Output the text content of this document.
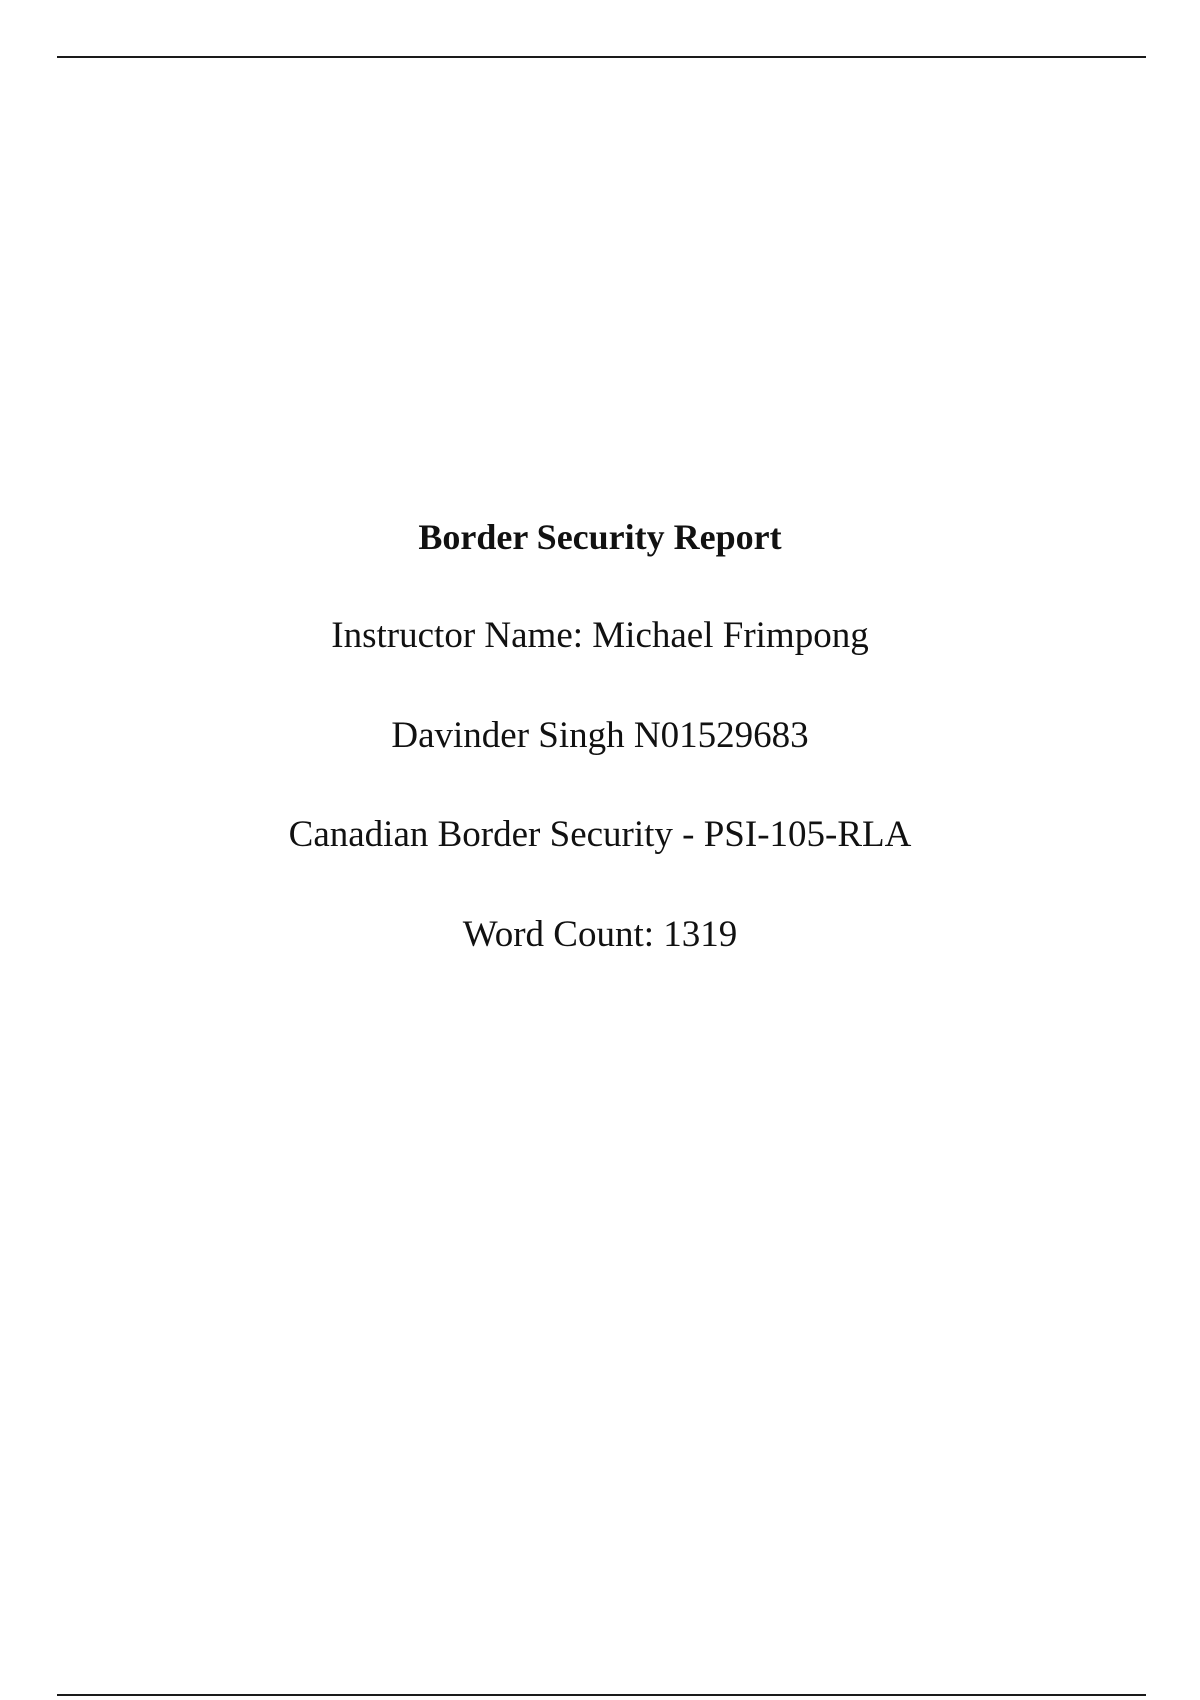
Border Security Report
Instructor Name: Michael Frimpong
Davinder Singh N01529683
Canadian Border Security - PSI-105-RLA
Word Count: 1319
